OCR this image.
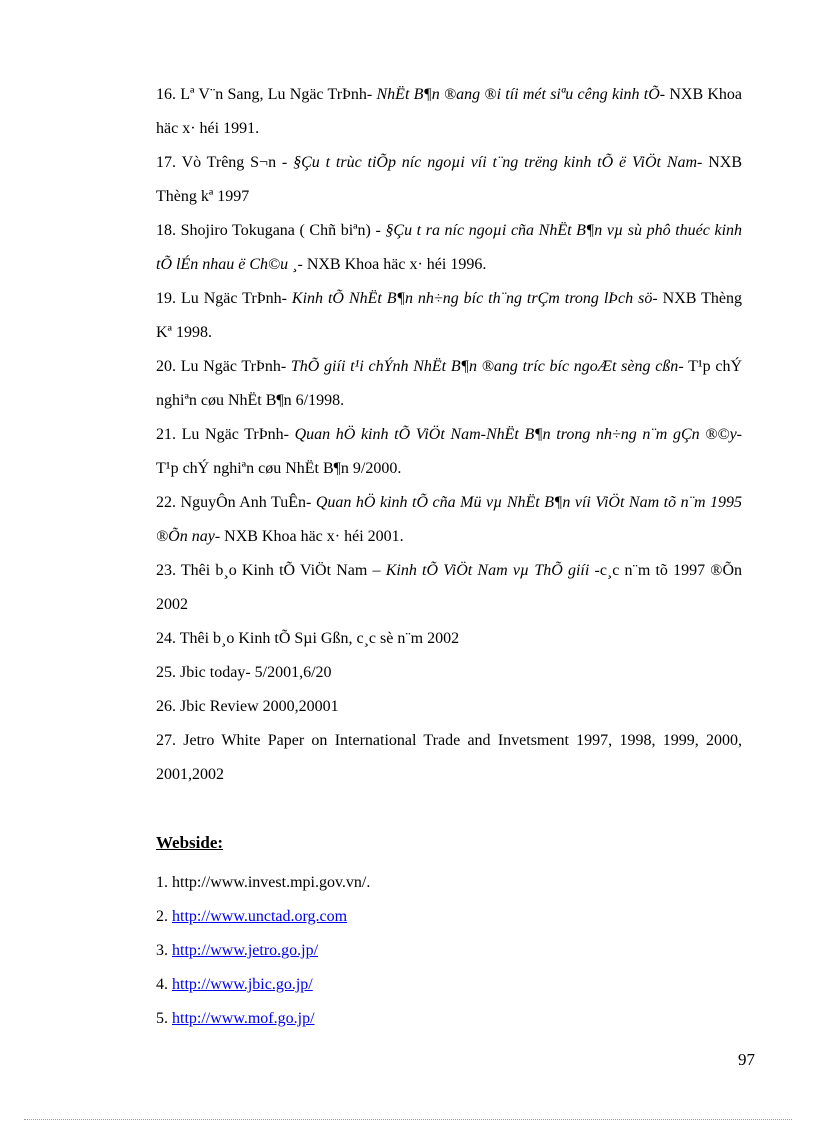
16. Lª V¨n Sang, Lu Ngäc TrÞnh- NhËt B¶n ®ang ®i tíi mét siªu cêng kinh tÕ- NXB Khoa häc x· héi 1991.

17. Vò Trêng S¬n - §Çu t trùc tiÕp níc ngoµi víi t¨ng trëng kinh tÕ ë ViÖt Nam- NXB Thèng kª 1997

18. Shojiro Tokugana ( Chñ biªn) - §Çu t ra níc ngoµi cña NhËt B¶n vµ sù phô thuéc kinh tÕ lÉn nhau ë Ch©u ¸- NXB Khoa häc x· héi 1996.

19. Lu Ngäc TrÞnh- Kinh tÕ NhËt B¶n nh÷ng bíc th¨ng trÇm trong lÞch sö- NXB Thèng Kª 1998.

20. Lu Ngäc TrÞnh- ThÕ giíi t¹i chÝnh NhËt B¶n ®ang tríc bíc ngoÆt sèng cßn- T¹p chÝ nghiªn cøu NhËt B¶n 6/1998.

21. Lu Ngäc TrÞnh- Quan hÖ kinh tÕ ViÖt Nam-NhËt B¶n trong nh÷ng n¨m gÇn ®©y- T¹p chÝ nghiªn cøu NhËt B¶n 9/2000.

22. NguyÔn Anh TuÊn- Quan hÖ kinh tÕ cña Mü vµ NhËt B¶n víi ViÖt Nam tõ n¨m 1995 ®Õn nay- NXB Khoa häc x· héi 2001.

23. Thêi b¸o Kinh tÕ ViÖt Nam – Kinh tÕ ViÖt Nam vµ ThÕ giíi -c¸c n¨m tõ 1997 ®Õn 2002

24. Thêi b¸o Kinh tÕ Sµi Gßn, c¸c sè n¨m 2002

25. Jbic today- 5/2001,6/20

26. Jbic Review 2000,20001

27. Jetro White Paper on International Trade and Invetsment 1997, 1998, 1999, 2000, 2001,2002

Webside:

1. http://www.invest.mpi.gov.vn/.
2. http://www.unctad.org.com
3. http://www.jetro.go.jp/
4. http://www.jbic.go.jp/
5. http://www.mof.go.jp/

97
